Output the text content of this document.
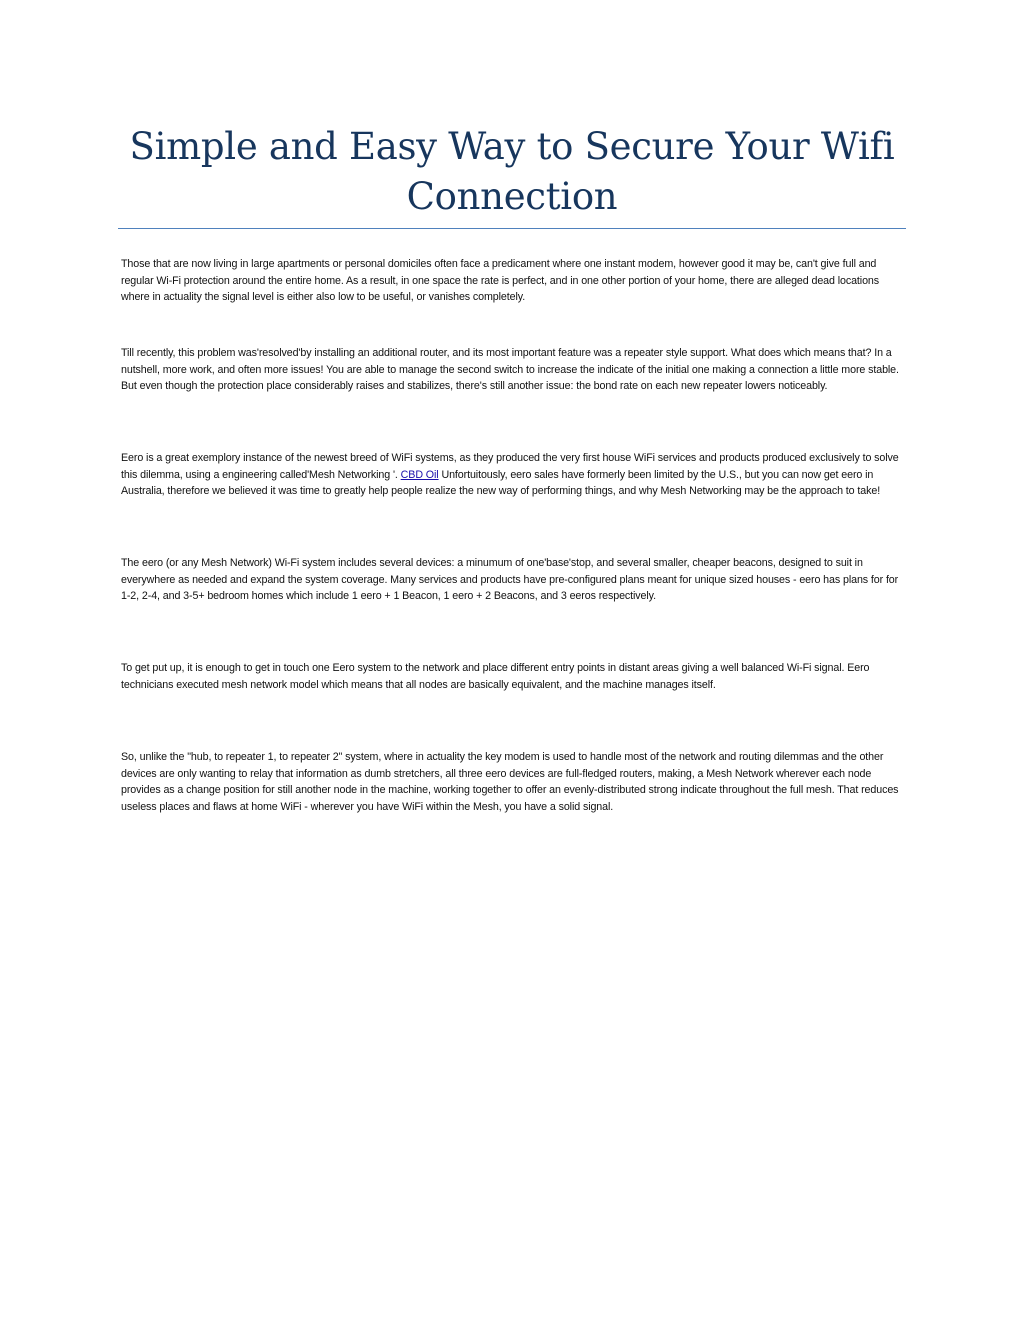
Simple and Easy Way to Secure Your Wifi Connection

Those that are now living in large apartments or personal domiciles often face a predicament where one instant modem, however good it may be, can't give full and regular Wi-Fi protection around the entire home. As a result, in one space the rate is perfect, and in one other portion of your home, there are alleged dead locations where in actuality the signal level is either also low to be useful, or vanishes completely.

Till recently, this problem was'resolved'by installing an additional router, and its most important feature was a repeater style support. What does which means that? In a nutshell, more work, and often more issues! You are able to manage the second switch to increase the indicate of the initial one making a connection a little more stable. But even though the protection place considerably raises and stabilizes, there's still another issue: the bond rate on each new repeater lowers noticeably.

Eero is a great exemplory instance of the newest breed of WiFi systems, as they produced the very first house WiFi services and products produced exclusively to solve this dilemma, using a engineering called'Mesh Networking '. CBD Oil Unfortuitously, eero sales have formerly been limited by the U.S., but you can now get eero in Australia, therefore we believed it was time to greatly help people realize the new way of performing things, and why Mesh Networking may be the approach to take!

The eero (or any Mesh Network) Wi-Fi system includes several devices: a minumum of one'base'stop, and several smaller, cheaper beacons, designed to suit in everywhere as needed and expand the system coverage. Many services and products have pre-configured plans meant for unique sized houses - eero has plans for for 1-2, 2-4, and 3-5+ bedroom homes which include 1 eero + 1 Beacon, 1 eero + 2 Beacons, and 3 eeros respectively.

To get put up, it is enough to get in touch one Eero system to the network and place different entry points in distant areas giving a well balanced Wi-Fi signal. Eero technicians executed mesh network model which means that all nodes are basically equivalent, and the machine manages itself.

So, unlike the "hub, to repeater 1, to repeater 2" system, where in actuality the key modem is used to handle most of the network and routing dilemmas and the other devices are only wanting to relay that information as dumb stretchers, all three eero devices are full-fledged routers, making, a Mesh Network wherever each node provides as a change position for still another node in the machine, working together to offer an evenly-distributed strong indicate throughout the full mesh. That reduces useless places and flaws at home WiFi - wherever you have WiFi within the Mesh, you have a solid signal.
